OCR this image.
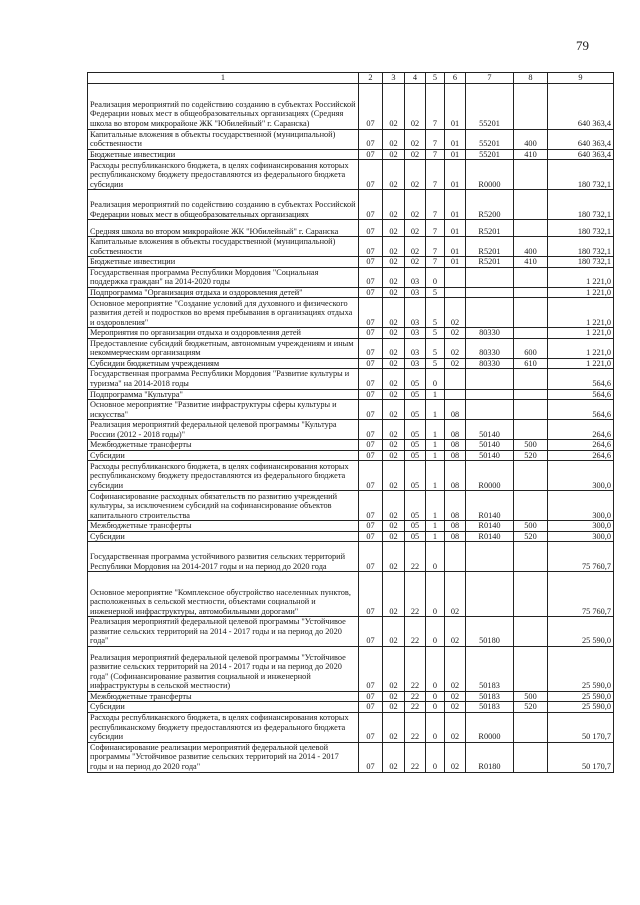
79
1	2	3	4	5	6	7	8	9
Реализация мероприятий по содействию созданию в субъектах Российской Федерации новых мест в общеобразовательных организациях (Средняя школа во втором микрорайоне ЖК "Юбилейный" г. Саранска)	07	02	02	7	01	55201		640 363,4
Капитальные вложения в объекты государственной (муниципальной) собственности	07	02	02	7	01	55201	400	640 363,4
Бюджетные инвестиции	07	02	02	7	01	55201	410	640 363,4
Расходы республиканского бюджета, в целях софинансирования которых республиканскому бюджету предоставляются из федерального бюджета субсидии	07	02	02	7	01	R0000		180 732,1
Реализация мероприятий по содействию созданию в субъектах Российской Федерации новых мест в общеобразовательных организациях	07	02	02	7	01	R5200		180 732,1
Средняя школа во втором микрорайоне ЖК "Юбилейный" г. Саранска	07	02	02	7	01	R5201		180 732,1
Капитальные вложения в объекты государственной (муниципальной) собственности	07	02	02	7	01	R5201	400	180 732,1
Бюджетные инвестиции	07	02	02	7	01	R5201	410	180 732,1
Государственная программа Республики Мордовия "Социальная поддержка граждан" на 2014-2020 годы	07	02	03	0				1 221,0
Подпрограмма "Организация отдыха и оздоровления детей"	07	02	03	5				1 221,0
Основное мероприятие "Создание условий для духовного и физического развития детей и подростков во время пребывания в организациях отдыха и оздоровления"	07	02	03	5	02			1 221,0
Мероприятия по организации отдыха и оздоровления детей	07	02	03	5	02	80330		1 221,0
Предоставление субсидий бюджетным, автономным учреждениям и иным некоммерческим организациям	07	02	03	5	02	80330	600	1 221,0
Субсидии бюджетным учреждениям	07	02	03	5	02	80330	610	1 221,0
Государственная программа Республики Мордовия "Развитие культуры и туризма" на 2014-2018 годы	07	02	05	0				564,6
Подпрограмма "Культура"	07	02	05	1				564,6
Основное мероприятие "Развитие инфраструктуры сферы культуры и искусства"	07	02	05	1	08			564,6
Реализация мероприятий федеральной целевой программы "Культура России (2012 - 2018 годы)"	07	02	05	1	08	50140		264,6
Межбюджетные трансферты	07	02	05	1	08	50140	500	264,6
Субсидии	07	02	05	1	08	50140	520	264,6
Расходы республиканского бюджета, в целях софинансирования которых республиканскому бюджету предоставляются из федерального бюджета субсидии	07	02	05	1	08	R0000		300,0
Софинансирование расходных обязательств по развитию учреждений культуры, за исключением субсидий на софинансирование объектов капитального строительства	07	02	05	1	08	R0140		300,0
Межбюджетные трансферты	07	02	05	1	08	R0140	500	300,0
Субсидии	07	02	05	1	08	R0140	520	300,0
Государственная программа устойчивого развития сельских территорий Республики Мордовия на 2014-2017 годы и на период до 2020 года	07	02	22	0				75 760,7
Основное мероприятие "Комплексное обустройство населенных пунктов, расположенных в сельской местности, объектами социальной и инженерной инфраструктуры, автомобильными дорогами"	07	02	22	0	02			75 760,7
Реализация мероприятий федеральной целевой программы "Устойчивое развитие сельских территорий на 2014 - 2017 годы и на период до 2020 года"	07	02	22	0	02	50180		25 590,0
Реализация мероприятий федеральной целевой программы "Устойчивое развитие сельских территорий на 2014 - 2017 годы и на период до 2020 года" (Софинансирование развития социальной и инженерной инфраструктуры в сельской местности)	07	02	22	0	02	50183		25 590,0
Межбюджетные трансферты	07	02	22	0	02	50183	500	25 590,0
Субсидии	07	02	22	0	02	50183	520	25 590,0
Расходы республиканского бюджета, в целях софинансирования которых республиканскому бюджету предоставляются из федерального бюджета субсидии	07	02	22	0	02	R0000		50 170,7
Софинансирование реализации мероприятий федеральной целевой программы "Устойчивое развитие сельских территорий на 2014 - 2017 годы и на период до 2020 года"	07	02	22	0	02	R0180		50 170,7
